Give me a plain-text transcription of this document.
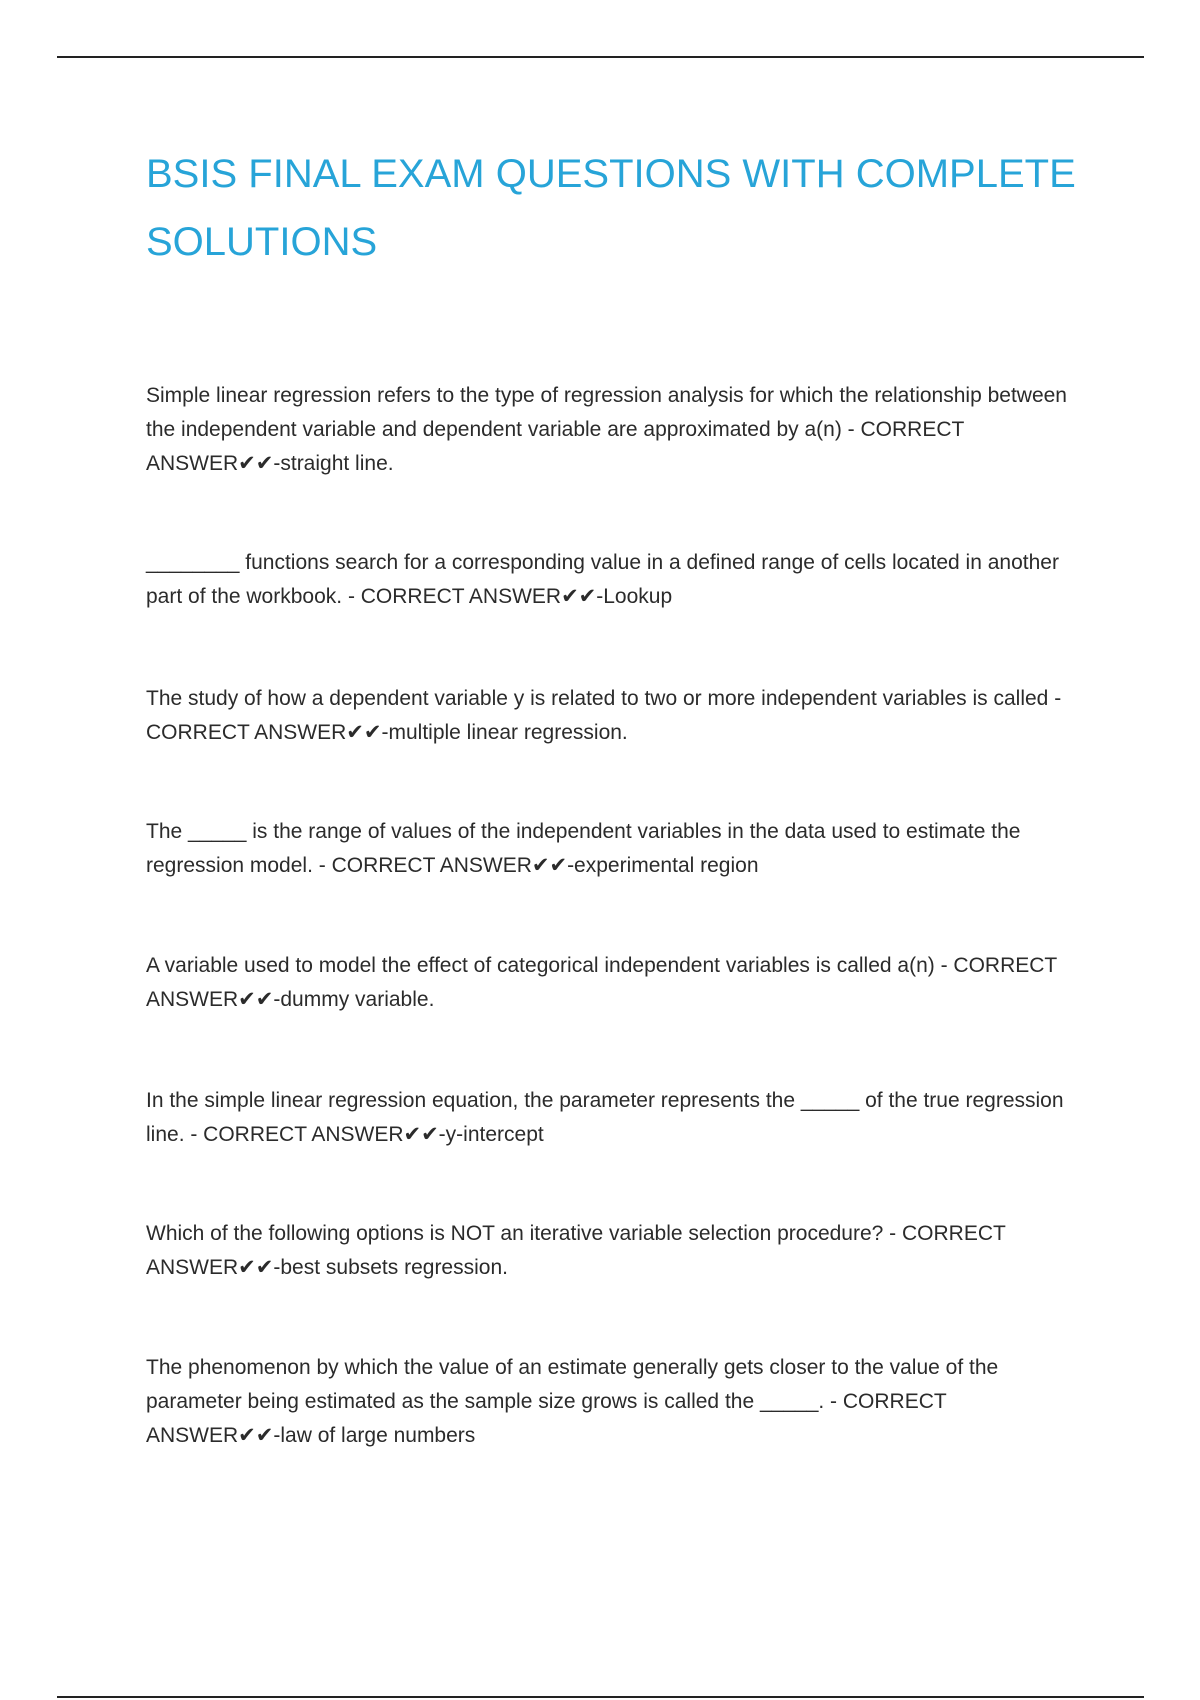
BSIS FINAL EXAM QUESTIONS WITH COMPLETE SOLUTIONS

Simple linear regression refers to the type of regression analysis for which the relationship between the independent variable and dependent variable are approximated by a(n) - CORRECT ANSWER✔✔-straight line.

________ functions search for a corresponding value in a defined range of cells located in another part of the workbook. - CORRECT ANSWER✔✔-Lookup

The study of how a dependent variable y is related to two or more independent variables is called - CORRECT ANSWER✔✔-multiple linear regression.

The _____ is the range of values of the independent variables in the data used to estimate the regression model. - CORRECT ANSWER✔✔-experimental region

A variable used to model the effect of categorical independent variables is called a(n) - CORRECT ANSWER✔✔-dummy variable.

In the simple linear regression equation, the parameter represents the _____ of the true regression line. - CORRECT ANSWER✔✔-y-intercept

Which of the following options is NOT an iterative variable selection procedure? - CORRECT ANSWER✔✔-best subsets regression.

The phenomenon by which the value of an estimate generally gets closer to the value of the parameter being estimated as the sample size grows is called the _____. - CORRECT ANSWER✔✔-law of large numbers
